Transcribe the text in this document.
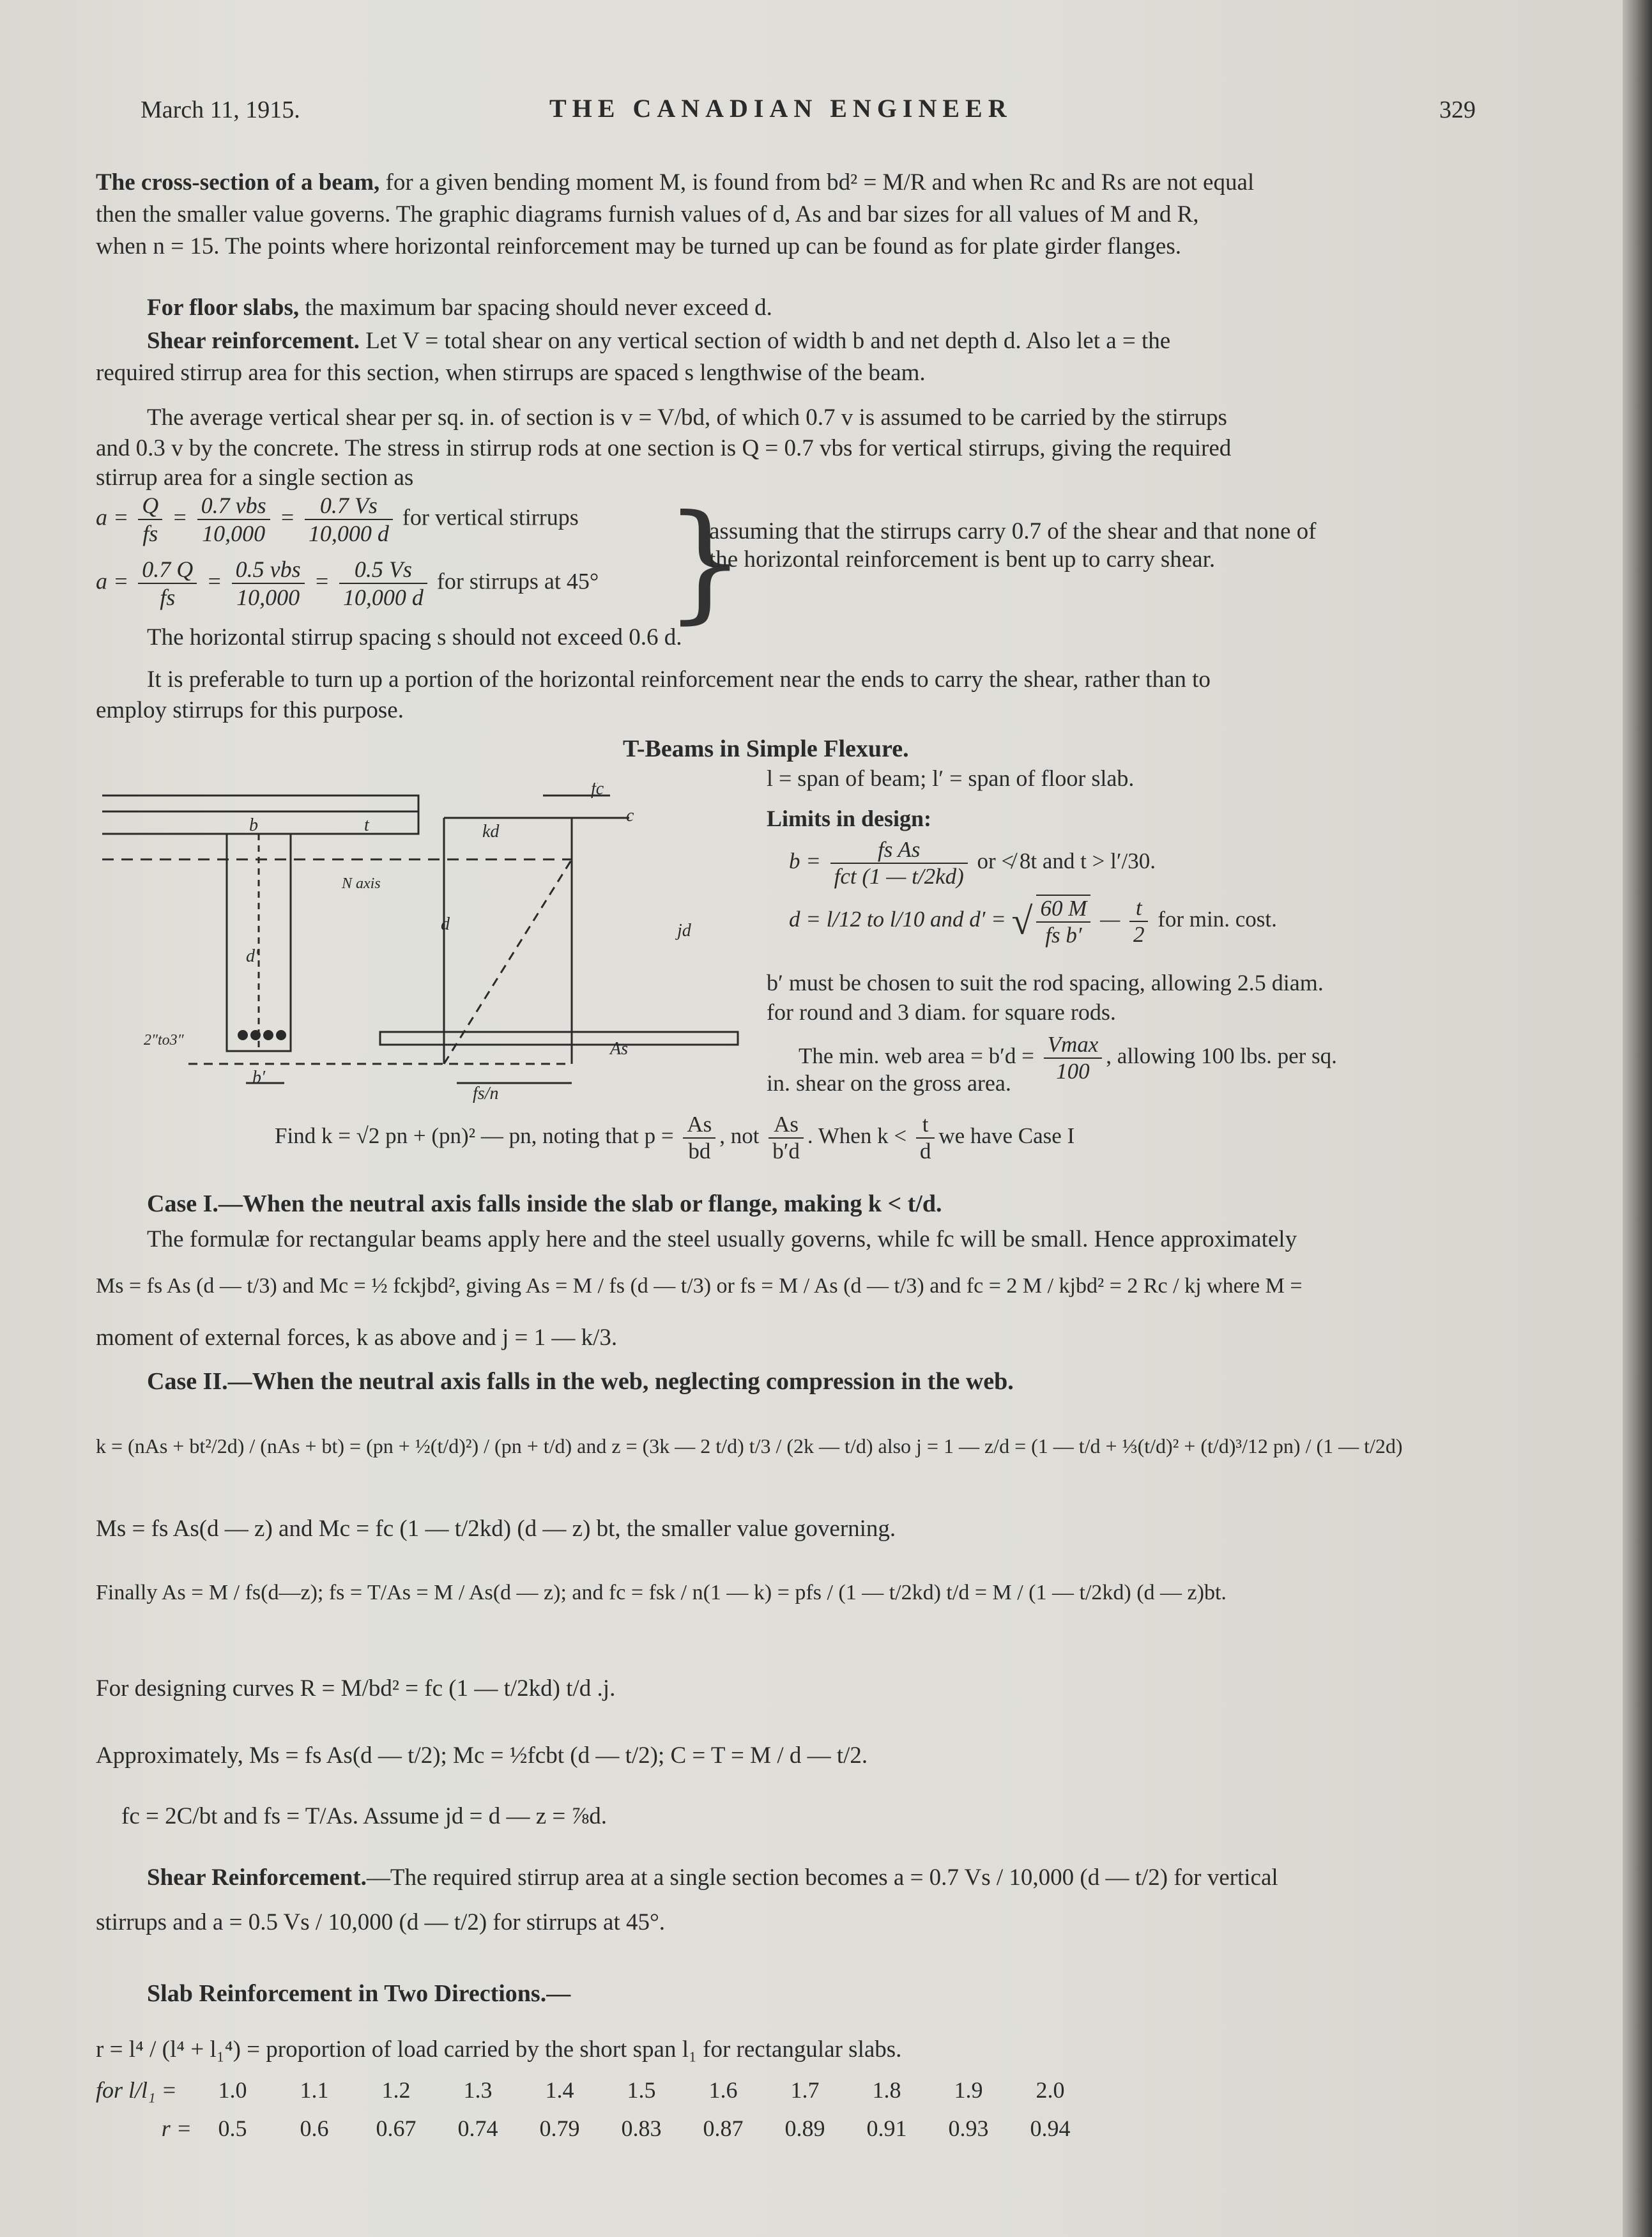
March 11, 1915.	THE CANADIAN ENGINEER	329
The cross-section of a beam, for a given bending moment M, is found from bd² = M/R and when Rc and Rs are not equal
then the smaller value governs. The graphic diagrams furnish values of d, As and bar sizes for all values of M and R,
when n = 15. The points where horizontal reinforcement may be turned up can be found as for plate girder flanges.
For floor slabs, the maximum bar spacing should never exceed d.
Shear reinforcement. Let V = total shear on any vertical section of width b and net depth d. Also let a = the
required stirrup area for this section, when stirrups are spaced s lengthwise of the beam.
The average vertical shear per sq. in. of section is v = V/bd, of which 0.7 v is assumed to be carried by the stirrups
and 0.3 v by the concrete. The stress in stirrup rods at one section is Q = 0.7 vbs for vertical stirrups, giving the required
stirrup area for a single section as
$a = \frac{Q}{fs} = \frac{\text{0.7 vbs}}{10,000} = \frac{0.7 Vs}{10,000 d}$ for vertical stirrups
$a = \frac{0.7 Q}{fs} = \frac{\text{0.5 vbs}}{10,000} = \frac{0.5 Vs}{10,000 d}$ for stirrups at 45° }
assuming that the stirrups carry 0.7 of the shear and that none of
the horizontal reinforcement is bent up to carry shear.
The horizontal stirrup spacing s should not exceed 0.6 d.
It is preferable to turn up a portion of the horizontal reinforcement near the ends to carry the shear, rather than to
employ stirrups for this purpose.
T-Beams in Simple Flexure.
b	t	kd
c
fc
N axis
d
d′
jd
2″to3″
b′
As
fs/n
l = span of beam; l′ = span of floor slab.
Limits in design:
$b = \frac{\text{fs As}}{\text{fct (1 — t/2kd)}}$ or ≮ 8t and t > l′/30.
d = l/12 to l/10 and d′ = √ $\frac{60 M}{\text{fs b′}}$ — $\frac{t}{2}$ for min. cost.
b′ must be chosen to suit the rod spacing, allowing 2.5 diam.
for round and 3 diam. for square rods.
The min. web area = $b'd = \frac{Vmax}{100}$ , allowing 100 lbs. per sq.
in. shear on the gross area.
Find k = √2 pn + (pn)² — pn, noting that $p = \frac{As}{bd}$ , not $\frac{As}{b'd}$ . When $k < \frac{t}{d}$ we have Case I
Case I.—When the neutral axis falls inside the slab or flange, making k < t/d.
The formulæ for rectangular beams apply here and the steel usually governs, while fc will be small. Hence approximately
Ms = fs As (d — t/3) and Mc = ½ fckjbd², giving As = M / fs (d — t/3) or fs = M / As (d — t/3) and fc = 2 M / kjbd² = 2 Rc / kj where M =
moment of external forces, k as above and j = 1 — k/3.
Case II.—When the neutral axis falls in the web, neglecting compression in the web.
k = (nAs + bt²/2d) / (nAs + bt) = (pn + ½(t/d)²) / (pn + t/d) and z = (3k — 2 t/d) t/3 / (2k — t/d) also j = 1 — z/d = (1 — t/d + ⅓(t/d)² + (t/d)³/12 pn) / (1 — t/2d)
Ms = fs As(d — z) and Mc = fc (1 — t/2kd) (d — z) bt, the smaller value governing.
Finally As = M / fs(d—z); fs = T/As = M / As(d — z); and fc = fsk / n(1 — k) = pfs / (1 — t/2kd) t/d = M / (1 — t/2kd) (d — z)bt.
For designing curves R = M/bd² = fc (1 — t/2kd) t/d .j.
Approximately, Ms = fs As(d — t/2); Mc = ½fcbt (d — t/2); C = T = M / d — t/2.
fc = 2C/bt and fs = T/As. Assume jd = d — z = ⅞d.
Shear Reinforcement.—The required stirrup area at a single section becomes a = 0.7 Vs / 10,000 (d — t/2) for vertical
stirrups and a = 0.5 Vs / 10,000 (d — t/2) for stirrups at 45°.
Slab Reinforcement in Two Directions.—
r = l⁴ / (l⁴ + l₁⁴) = proportion of load carried by the short span l₁ for rectangular slabs.
for l/l₁ = 1.0 1.1 1.2 1.3 1.4 1.5 1.6 1.7 1.8 1.9 2.0
r = 0.5 0.6 0.67 0.74 0.79 0.83 0.87 0.89 0.91 0.93 0.94
